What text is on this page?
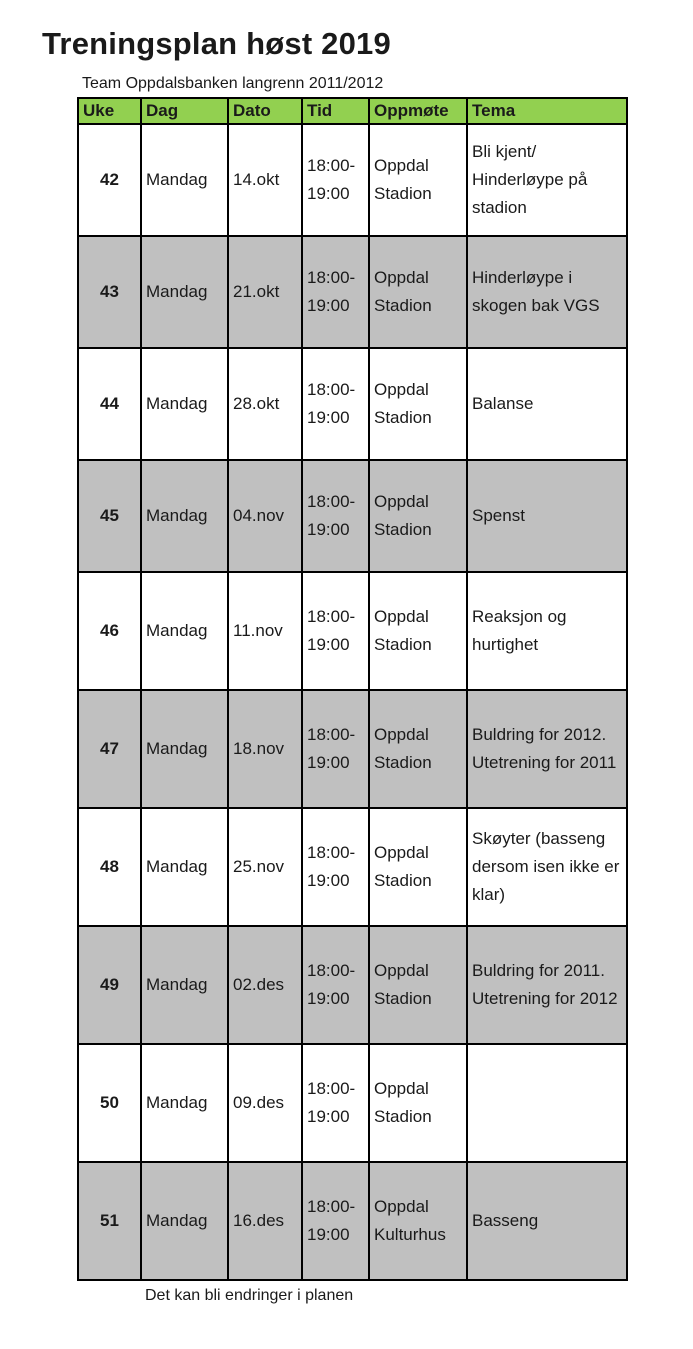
Treningsplan høst 2019
Team Oppdalsbanken langrenn 2011/2012
Uke	Dag	Dato	Tid	Oppmøte	Tema
42	Mandag	14.okt	18:00-19:00	Oppdal Stadion	Bli kjent/ Hinderløype på stadion
43	Mandag	21.okt	18:00-19:00	Oppdal Stadion	Hinderløype i skogen bak VGS
44	Mandag	28.okt	18:00-19:00	Oppdal Stadion	Balanse
45	Mandag	04.nov	18:00-19:00	Oppdal Stadion	Spenst
46	Mandag	11.nov	18:00-19:00	Oppdal Stadion	Reaksjon og hurtighet
47	Mandag	18.nov	18:00-19:00	Oppdal Stadion	Buldring for 2012. Utetrening for 2011
48	Mandag	25.nov	18:00-19:00	Oppdal Stadion	Skøyter (basseng dersom isen ikke er klar)
49	Mandag	02.des	18:00-19:00	Oppdal Stadion	Buldring for 2011. Utetrening for 2012
50	Mandag	09.des	18:00-19:00	Oppdal Stadion	
51	Mandag	16.des	18:00-19:00	Oppdal Kulturhus	Basseng
Det kan bli endringer i planen
